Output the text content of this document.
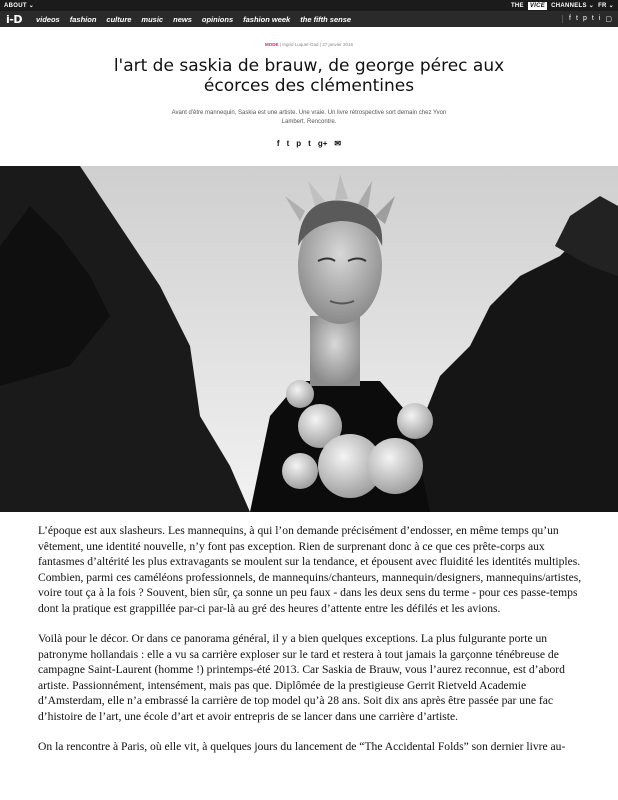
ABOUT ⌄	THE	VICE	CHANNELS ⌄ FR ⌄
i-D videos fashion culture music news opinions fashion week the fifth sense	f t p t i ▢
MODE | Ingrid Luquet-Gad | 27 janvier 2016
l'art de saskia de brauw, de george pérec aux écorces des clémentines

Avant d'être mannequin, Saskia est une artiste. Une vraie. Un livre rétrospective sort demain chez Yvon Lambert. Rencontre.

f t p t g+ ✉

L’époque est aux slasheurs. Les mannequins, à qui l’on demande précisément d’endosser, en même temps qu’un vêtement, une identité nouvelle, n’y font pas exception. Rien de surprenant donc à ce que ces prête-corps aux fantasmes d’altérité les plus extravagants se moulent sur la tendance, et épousent avec fluidité les identités multiples. Combien, parmi ces caméléons professionnels, de mannequins/chanteurs, mannequin/designers, mannequins/artistes, voire tout ça à la fois ? Souvent, bien sûr, ça sonne un peu faux - dans les deux sens du terme - pour ces passe-temps dont la pratique est grappillée par-ci par-là au gré des heures d’attente entre les défilés et les avions.

Voilà pour le décor. Or dans ce panorama général, il y a bien quelques exceptions. La plus fulgurante porte un patronyme hollandais : elle a vu sa carrière exploser sur le tard et restera à tout jamais la garçonne ténébreuse de campagne Saint-Laurent (homme !) printemps-été 2013. Car Saskia de Brauw, vous l’aurez reconnue, est d’abord artiste. Passionnément, intensément, mais pas que. Diplômée de la prestigieuse Gerrit Rietveld Academie d’Amsterdam, elle n’a embrassé la carrière de top model qu’à 28 ans. Soit dix ans après être passée par une fac d’histoire de l’art, une école d’art et avoir entrepris de se lancer dans une carrière d’artiste.

On la rencontre à Paris, où elle vit, à quelques jours du lancement de “The Accidental Folds” son dernier livre au-
